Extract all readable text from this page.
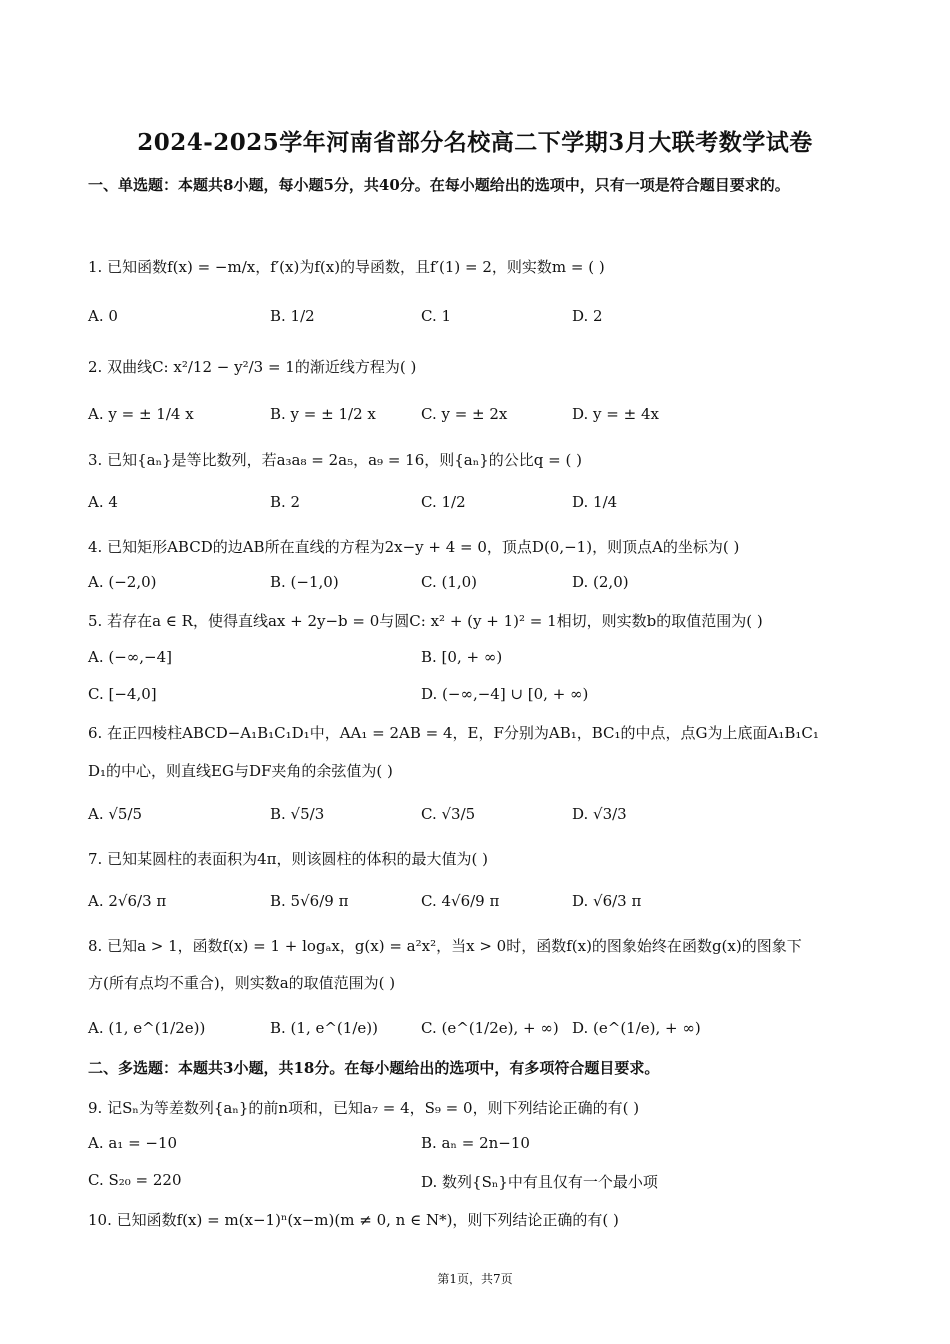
2024-2025学年河南省部分名校高二下学期3月大联考数学试卷
一、单选题：本题共8小题，每小题5分，共40分。在每小题给出的选项中，只有一项是符合题目要求的。
1. 已知函数f(x) = −m/x，f′(x)为f(x)的导函数，且f′(1) = 2，则实数m = ( )
A. 0	B. 1/2	C. 1	D. 2
2. 双曲线C: x²/12 − y²/3 = 1的渐近线方程为( )
A. y = ± 1/4 x	B. y = ± 1/2 x	C. y = ± 2x	D. y = ± 4x
3. 已知{aₙ}是等比数列，若a₃a₈ = 2a₅，a₉ = 16，则{aₙ}的公比q = ( )
A. 4	B. 2	C. 1/2	D. 1/4
4. 已知矩形ABCD的边AB所在直线的方程为2x−y + 4 = 0，顶点D(0,−1)，则顶点A的坐标为( )
A. (−2,0)	B. (−1,0)	C. (1,0)	D. (2,0)
5. 若存在a ∈ R，使得直线ax + 2y−b = 0与圆C: x² + (y + 1)² = 1相切，则实数b的取值范围为( )
A. (−∞,−4]	B. [0, + ∞)
C. [−4,0]	D. (−∞,−4] ∪ [0, + ∞)
6. 在正四棱柱ABCD−A₁B₁C₁D₁中，AA₁ = 2AB = 4，E，F分别为AB₁，BC₁的中点，点G为上底面A₁B₁C₁
D₁的中心，则直线EG与DF夹角的余弦值为( )
A. √5/5	B. √5/3	C. √3/5	D. √3/3
7. 已知某圆柱的表面积为4π，则该圆柱的体积的最大值为( )
A. 2√6/3 π	B. 5√6/9 π	C. 4√6/9 π	D. √6/3 π
8. 已知a > 1，函数f(x) = 1 + logₐx，g(x) = a²x²，当x > 0时，函数f(x)的图象始终在函数g(x)的图象下
方(所有点均不重合)，则实数a的取值范围为( )
A. (1, e^(1/2e))	B. (1, e^(1/e))	C. (e^(1/2e), + ∞) D. (e^(1/e), + ∞)
二、多选题：本题共3小题，共18分。在每小题给出的选项中，有多项符合题目要求。
9. 记Sₙ为等差数列{aₙ}的前n项和，已知a₇ = 4，S₉ = 0，则下列结论正确的有( )
A. a₁ = −10	B. aₙ = 2n−10
C. S₂₀ = 220	D. 数列{Sₙ}中有且仅有一个最小项
10. 已知函数f(x) = m(x−1)ⁿ(x−m)(m ≠ 0, n ∈ N*)，则下列结论正确的有( )
第1页，共7页
